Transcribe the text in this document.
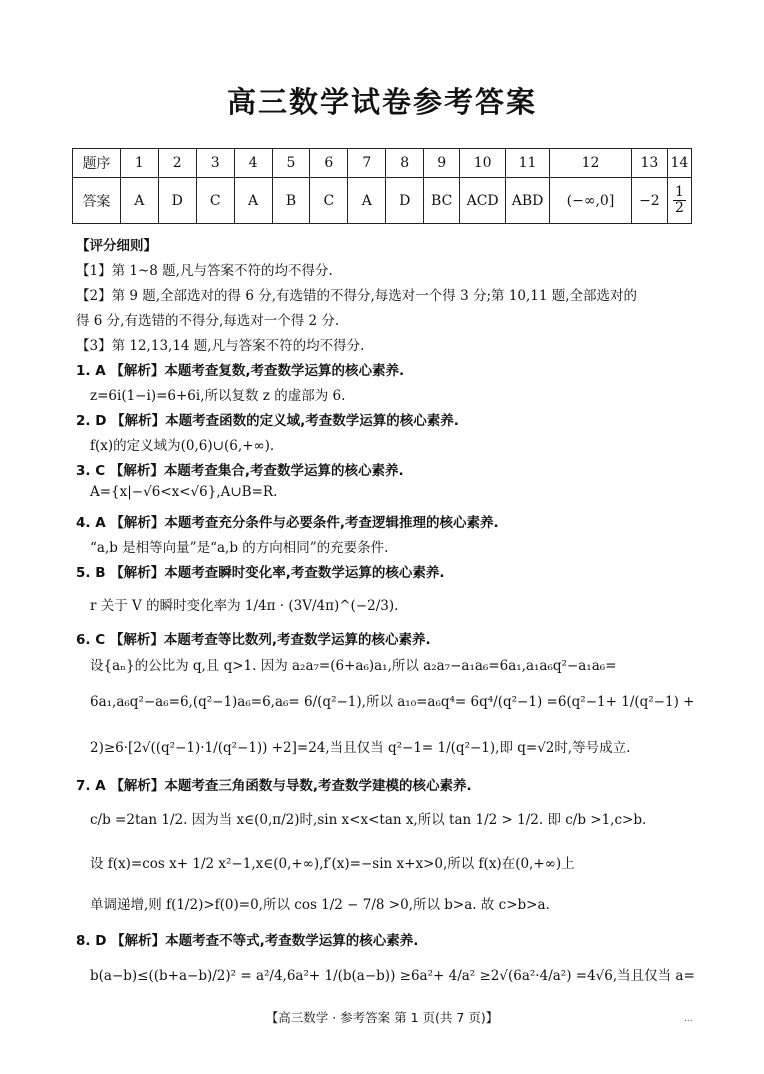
高三数学试卷参考答案
题序	1	2	3	4	5	6	7	8	9	10	11	12	13	14
答案	A	D	C	A	B	C	A	D	BC	ACD	ABD	(−∞,0]	−2	$\frac{1}{2}$
【评分细则】
【1】第 1~8 题,凡与答案不符的均不得分.
【2】第 9 题,全部选对的得 6 分,有选错的不得分,每选对一个得 3 分;第 10,11 题,全部选对的
得 6 分,有选错的不得分,每选对一个得 2 分.
【3】第 12,13,14 题,凡与答案不符的均不得分.
1. A 【解析】本题考查复数,考查数学运算的核心素养.
z=6i(1−i)=6+6i,所以复数 z 的虚部为 6.
2. D 【解析】本题考查函数的定义域,考查数学运算的核心素养.
f(x)的定义域为(0,6)∪(6,+∞).
3. C 【解析】本题考查集合,考查数学运算的核心素养.
A={x|−√6<x<√6},A∪B=R.
4. A 【解析】本题考查充分条件与必要条件,考查逻辑推理的核心素养.
“a,b 是相等向量”是“a,b 的方向相同”的充要条件.
5. B 【解析】本题考查瞬时变化率,考查数学运算的核心素养.
r 关于 V 的瞬时变化率为 1/4π · (3V/4π)^(−2/3).
6. C 【解析】本题考查等比数列,考查数学运算的核心素养.
设{aₙ}的公比为 q,且 q>1. 因为 a₂a₇=(6+a₆)a₁,所以 a₂a₇−a₁a₆=6a₁,a₁a₆q²−a₁a₆=
6a₁,a₆q²−a₆=6,(q²−1)a₆=6,a₆= 6/(q²−1),所以 a₁₀=a₆q⁴= 6q⁴/(q²−1) =6(q²−1+ 1/(q²−1) +
2)≥6·[2√((q²−1)·1/(q²−1)) +2]=24,当且仅当 q²−1= 1/(q²−1),即 q=√2时,等号成立.
7. A 【解析】本题考查三角函数与导数,考查数学建模的核心素养.
c/b =2tan 1/2. 因为当 x∈(0,π/2)时,sin x<x<tan x,所以 tan 1/2 > 1/2. 即 c/b >1,c>b.
设 f(x)=cos x+ 1/2 x²−1,x∈(0,+∞),f′(x)=−sin x+x>0,所以 f(x)在(0,+∞)上
单调递增,则 f(1/2)>f(0)=0,所以 cos 1/2 − 7/8 >0,所以 b>a. 故 c>b>a.
8. D 【解析】本题考查不等式,考查数学运算的核心素养.
b(a−b)≤((b+a−b)/2)² = a²/4,6a²+ 1/(b(a−b)) ≥6a²+ 4/a² ≥2√(6a²·4/a²) =4√6,当且仅当 a=
【高三数学 · 参考答案 第 1 页(共 7 页)】	...
